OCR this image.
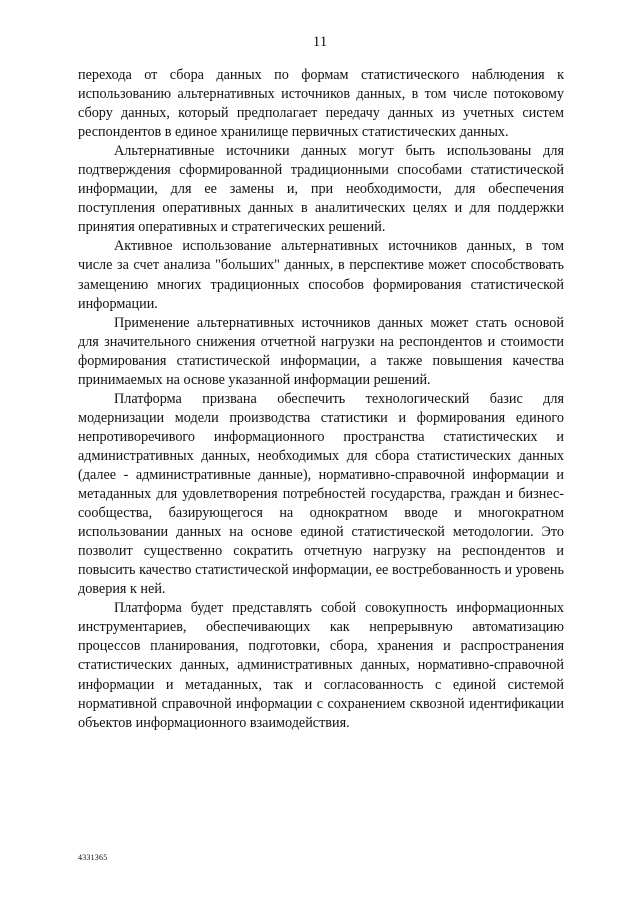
11

перехода от сбора данных по формам статистического наблюдения к использованию альтернативных источников данных, в том числе потоковому сбору данных, который предполагает передачу данных из учетных систем респондентов в единое хранилище первичных статистических данных.

Альтернативные источники данных могут быть использованы для подтверждения сформированной традиционными способами статистической информации, для ее замены и, при необходимости, для обеспечения поступления оперативных данных в аналитических целях и для поддержки принятия оперативных и стратегических решений.

Активное использование альтернативных источников данных, в том числе за счет анализа "больших" данных, в перспективе может способствовать замещению многих традиционных способов формирования статистической информации.

Применение альтернативных источников данных может стать основой для значительного снижения отчетной нагрузки на респондентов и стоимости формирования статистической информации, а также повышения качества принимаемых на основе указанной информации решений.

Платформа призвана обеспечить технологический базис для модернизации модели производства статистики и формирования единого непротиворечивого информационного пространства статистических и административных данных, необходимых для сбора статистических данных (далее - административные данные), нормативно-справочной информации и метаданных для удовлетворения потребностей государства, граждан и бизнес-сообщества, базирующегося на однократном вводе и многократном использовании данных на основе единой статистической методологии. Это позволит существенно сократить отчетную нагрузку на респондентов и повысить качество статистической информации, ее востребованность и уровень доверия к ней.

Платформа будет представлять собой совокупность информационных инструментариев, обеспечивающих как непрерывную автоматизацию процессов планирования, подготовки, сбора, хранения и распространения статистических данных, административных данных, нормативно-справочной информации и метаданных, так и согласованность с единой системой нормативной справочной информации с сохранением сквозной идентификации объектов информационного взаимодействия.

4331365
